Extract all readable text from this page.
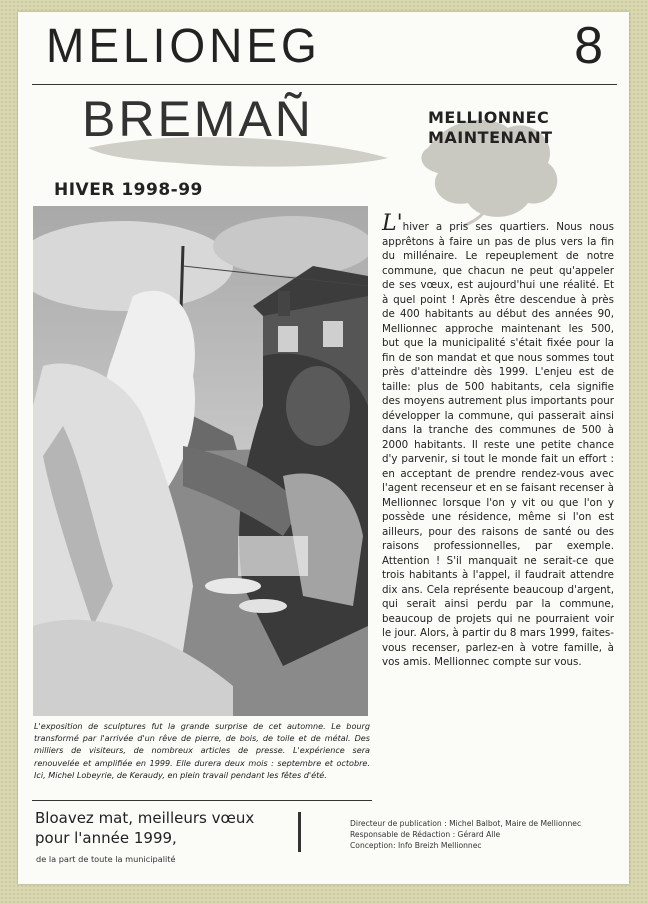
MELIONEG	8
BREMAÑ	MELLIONNEC
MAINTENANT
HIVER 1998-99
L'exposition de sculptures fut la grande surprise de cet automne. Le bourg transformé par l'arrivée d'un rêve de pierre, de bois, de toile et de métal. Des milliers de visiteurs, de nombreux articles de presse. L'expérience sera renouvelée et amplifiée en 1999. Elle durera deux mois : septembre et octobre. Ici, Michel Lobeyrie, de Keraudy, en plein travail pendant les fêtes d'été.
L'hiver a pris ses quartiers. Nous nous apprêtons à faire un pas de plus vers la fin du millénaire. Le repeuplement de notre commune, que chacun ne peut qu'appeler de ses vœux, est aujourd'hui une réalité. Et à quel point ! Après être descendue à près de 400 habitants au début des années 90, Mellionnec approche maintenant les 500, but que la municipalité s'était fixée pour la fin de son mandat et que nous sommes tout près d'atteindre dès 1999. L'enjeu est de taille: plus de 500 habitants, cela signifie des moyens autrement plus importants pour développer la commune, qui passerait ainsi dans la tranche des communes de 500 à 2000 habitants. Il reste une petite chance d'y parvenir, si tout le monde fait un effort : en acceptant de prendre rendez-vous avec l'agent recenseur et en se faisant recenser à Mellionnec lorsque l'on y vit ou que l'on y possède une résidence, même si l'on est ailleurs, pour des raisons de santé ou des raisons professionnelles, par exemple. Attention ! S'il manquait ne serait-ce que trois habitants à l'appel, il faudrait attendre dix ans. Cela représente beaucoup d'argent, qui serait ainsi perdu par la commune, beaucoup de projets qui ne pourraient voir le jour. Alors, à partir du 8 mars 1999, faites-vous recenser, parlez-en à votre famille, à vos amis. Mellionnec compte sur vous.
Bloavez mat, meilleurs vœux
pour l'année 1999,
de la part de toute la municipalité
Directeur de publication : Michel Balbot, Maire de Mellionnec
Responsable de Rédaction : Gérard Alle
Conception: Info Breizh Mellionnec
